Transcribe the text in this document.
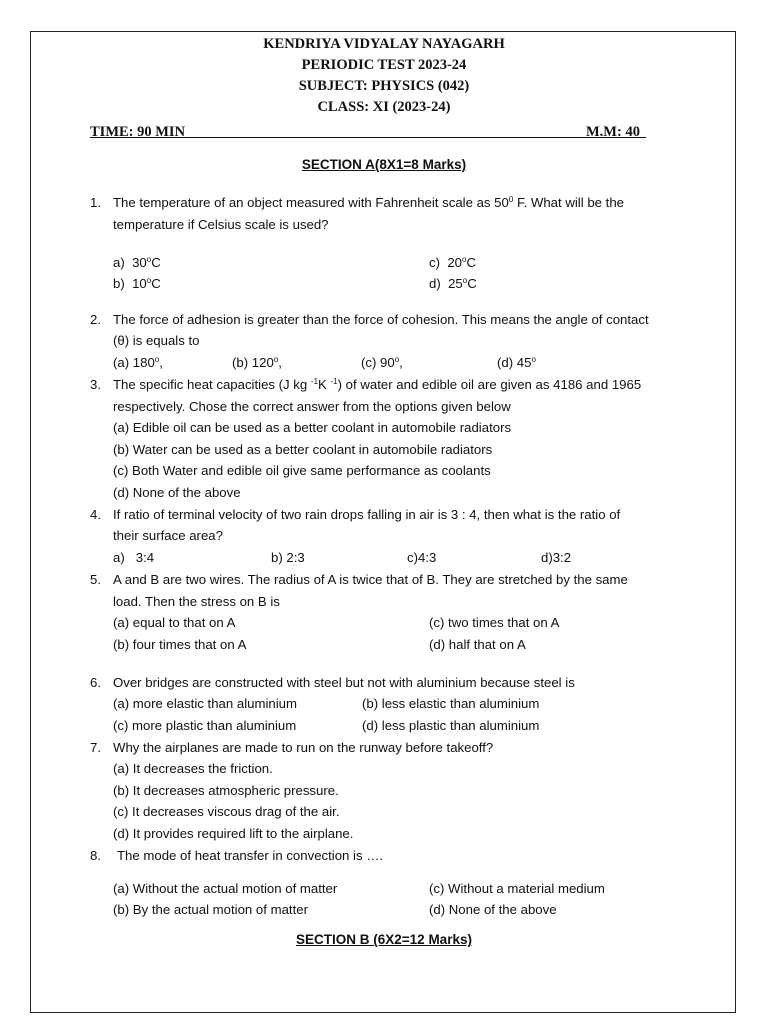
KENDRIYA VIDYALAY NAYAGARH
PERIODIC TEST 2023-24
SUBJECT: PHYSICS (042)
CLASS: XI (2023-24)
TIME: 90 MIN	M.M: 40
SECTION A(8X1=8 Marks)
1. The temperature of an object measured with Fahrenheit scale as $50^0$ F. What will be the
temperature if Celsius scale is used?
a) 30$^o$C
b) 10$^o$C
c) 20$^o$C
d) 25$^o$C
2. The force of adhesion is greater than the force of cohesion. This means the angle of contact
(θ) is equals to
(a) 180$^o$,	(b) 120$^o$,	(c) 90$^o$,	(d) 45$^o$
3. The specific heat capacities (J kg $^{-1}$K $^{-1}$) of water and edible oil are given as 4186 and 1965
respectively. Chose the correct answer from the options given below
(a) Edible oil can be used as a better coolant in automobile radiators
(b) Water can be used as a better coolant in automobile radiators
(c) Both Water and edible oil give same performance as coolants
(d) None of the above
4. If ratio of terminal velocity of two rain drops falling in air is 3 : 4, then what is the ratio of
their surface area?
a)   3:4	b) 2:3	c)4:3	d)3:2
5. A and B are two wires. The radius of A is twice that of B. They are stretched by the same
load. Then the stress on B is
(a) equal to that on A	(c) two times that on A
(b) four times that on A	(d) half that on A
6. Over bridges are constructed with steel but not with aluminium because steel is
(a) more elastic than aluminium	(b) less elastic than aluminium
(c) more plastic than aluminium	(d) less plastic than aluminium
7. Why the airplanes are made to run on the runway before takeoff?
(a) It decreases the friction.
(b) It decreases atmospheric pressure.
(c) It decreases viscous drag of the air.
(d) It provides required lift to the airplane.
8. The mode of heat transfer in convection is ….
(a) Without the actual motion of matter	(c) Without a material medium
(b) By the actual motion of matter	(d) None of the above
SECTION B (6X2=12 Marks)
